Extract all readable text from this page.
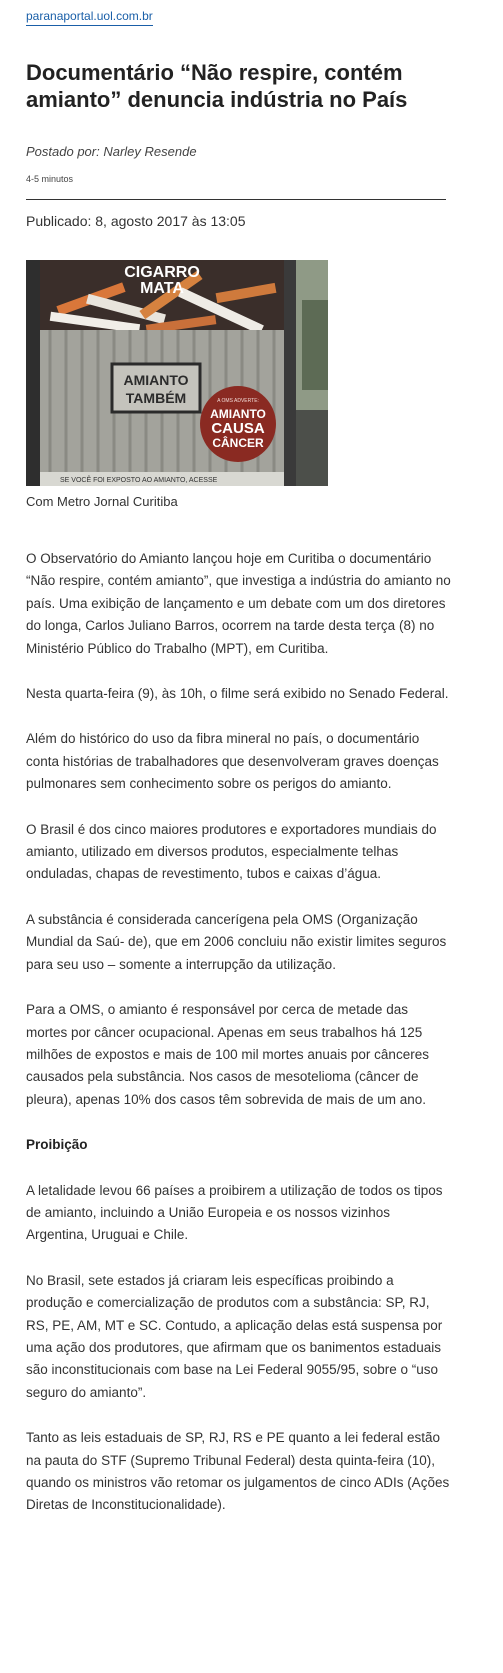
paranaportal.uol.com.br
Documentário “Não respire, contém amianto” denuncia indústria no País
Postado por: Narley Resende
4-5 minutos
Publicado: 8, agosto 2017 às 13:05
CIGARRO
MATA
AMIANTO
TAMBÉM	A OMS ADVERTE:
AMIANTO
CAUSA
CÂNCER
SE VOCÊ FOI EXPOSTO AO AMIANTO, ACESSE
Com Metro Jornal Curitiba

O Observatório do Amianto lançou hoje em Curitiba o documentário “Não respire, contém amianto”, que investiga a indústria do amianto no país. Uma exibição de lançamento e um debate com um dos diretores do longa, Carlos Juliano Barros, ocorrem na tarde desta terça (8) no Ministério Público do Trabalho (MPT), em Curitiba.

Nesta quarta-feira (9), às 10h, o filme será exibido no Senado Federal.

Além do histórico do uso da fibra mineral no país, o documentário conta histórias de trabalhadores que desenvolveram graves doenças pulmonares sem conhecimento sobre os perigos do amianto.

O Brasil é dos cinco maiores produtores e exportadores mundiais do amianto, utilizado em diversos produtos, especialmente telhas onduladas, chapas de revestimento, tubos e caixas d’água.

A substância é considerada cancerígena pela OMS (Organização Mundial da Saú- de), que em 2006 concluiu não existir limites seguros para seu uso – somente a interrupção da utilização.

Para a OMS, o amianto é responsável por cerca de metade das mortes por câncer ocupacional. Apenas em seus trabalhos há 125 milhões de expostos e mais de 100 mil mortes anuais por cânceres causados pela substância. Nos casos de mesotelioma (câncer de pleura), apenas 10% dos casos têm sobrevida de mais de um ano.

Proibição

A letalidade levou 66 países a proibirem a utilização de todos os tipos de amianto, incluindo a União Europeia e os nossos vizinhos Argentina, Uruguai e Chile.

No Brasil, sete estados já criaram leis específicas proibindo a produção e comercialização de produtos com a substância: SP, RJ, RS, PE, AM, MT e SC. Contudo, a aplicação delas está suspensa por uma ação dos produtores, que afirmam que os banimentos estaduais são inconstitucionais com base na Lei Federal 9055/95, sobre o “uso seguro do amianto”.

Tanto as leis estaduais de SP, RJ, RS e PE quanto a lei federal estão na pauta do STF (Supremo Tribunal Federal) desta quinta-feira (10), quando os ministros vão retomar os julgamentos de cinco ADIs (Ações Diretas de Inconstitucionalidade).
